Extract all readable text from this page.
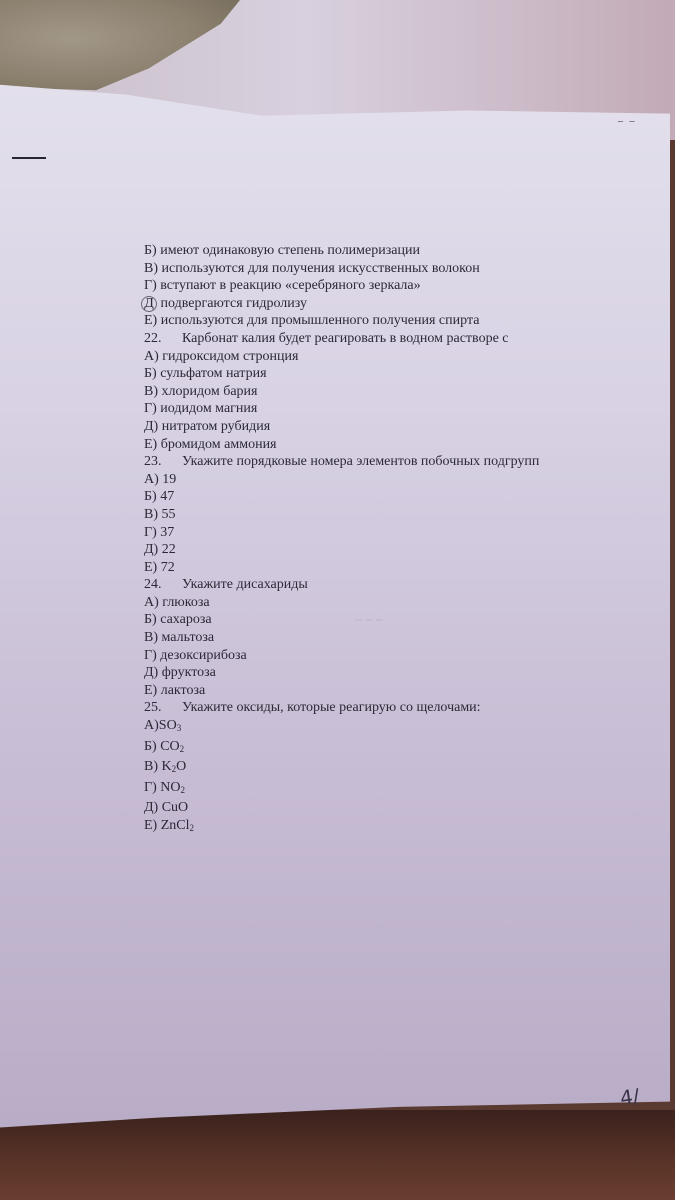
‒ ‒
~ ~ ~
Б) имеют одинаковую степень полимеризации
В) используются для получения искусственных волокон
Г) вступают в реакцию «серебряного зеркала»
Д подвергаются гидролизу
Е) используются для промышленного получения спирта
22. Карбонат калия будет реагировать в водном растворе с
А) гидроксидом стронция
Б) сульфатом натрия
В) хлоридом бария
Г) иодидом магния
Д) нитратом рубидия
Е) бромидом аммония
23. Укажите порядковые номера элементов побочных подгрупп
А) 19
Б) 47
В) 55
Г) 37
Д) 22
Е) 72
24. Укажите дисахариды
А) глюкоза
Б) сахароза
В) мальтоза
Г) дезоксирибоза
Д) фруктоза
Е) лактоза
25. Укажите оксиды, которые реагирую со щелочами:
$А)SO_3$
Б) $CO_2$
В) $K_2O$
Г) $NO_2$
Д) CuO
Е) ZnCl$_2$
4/
